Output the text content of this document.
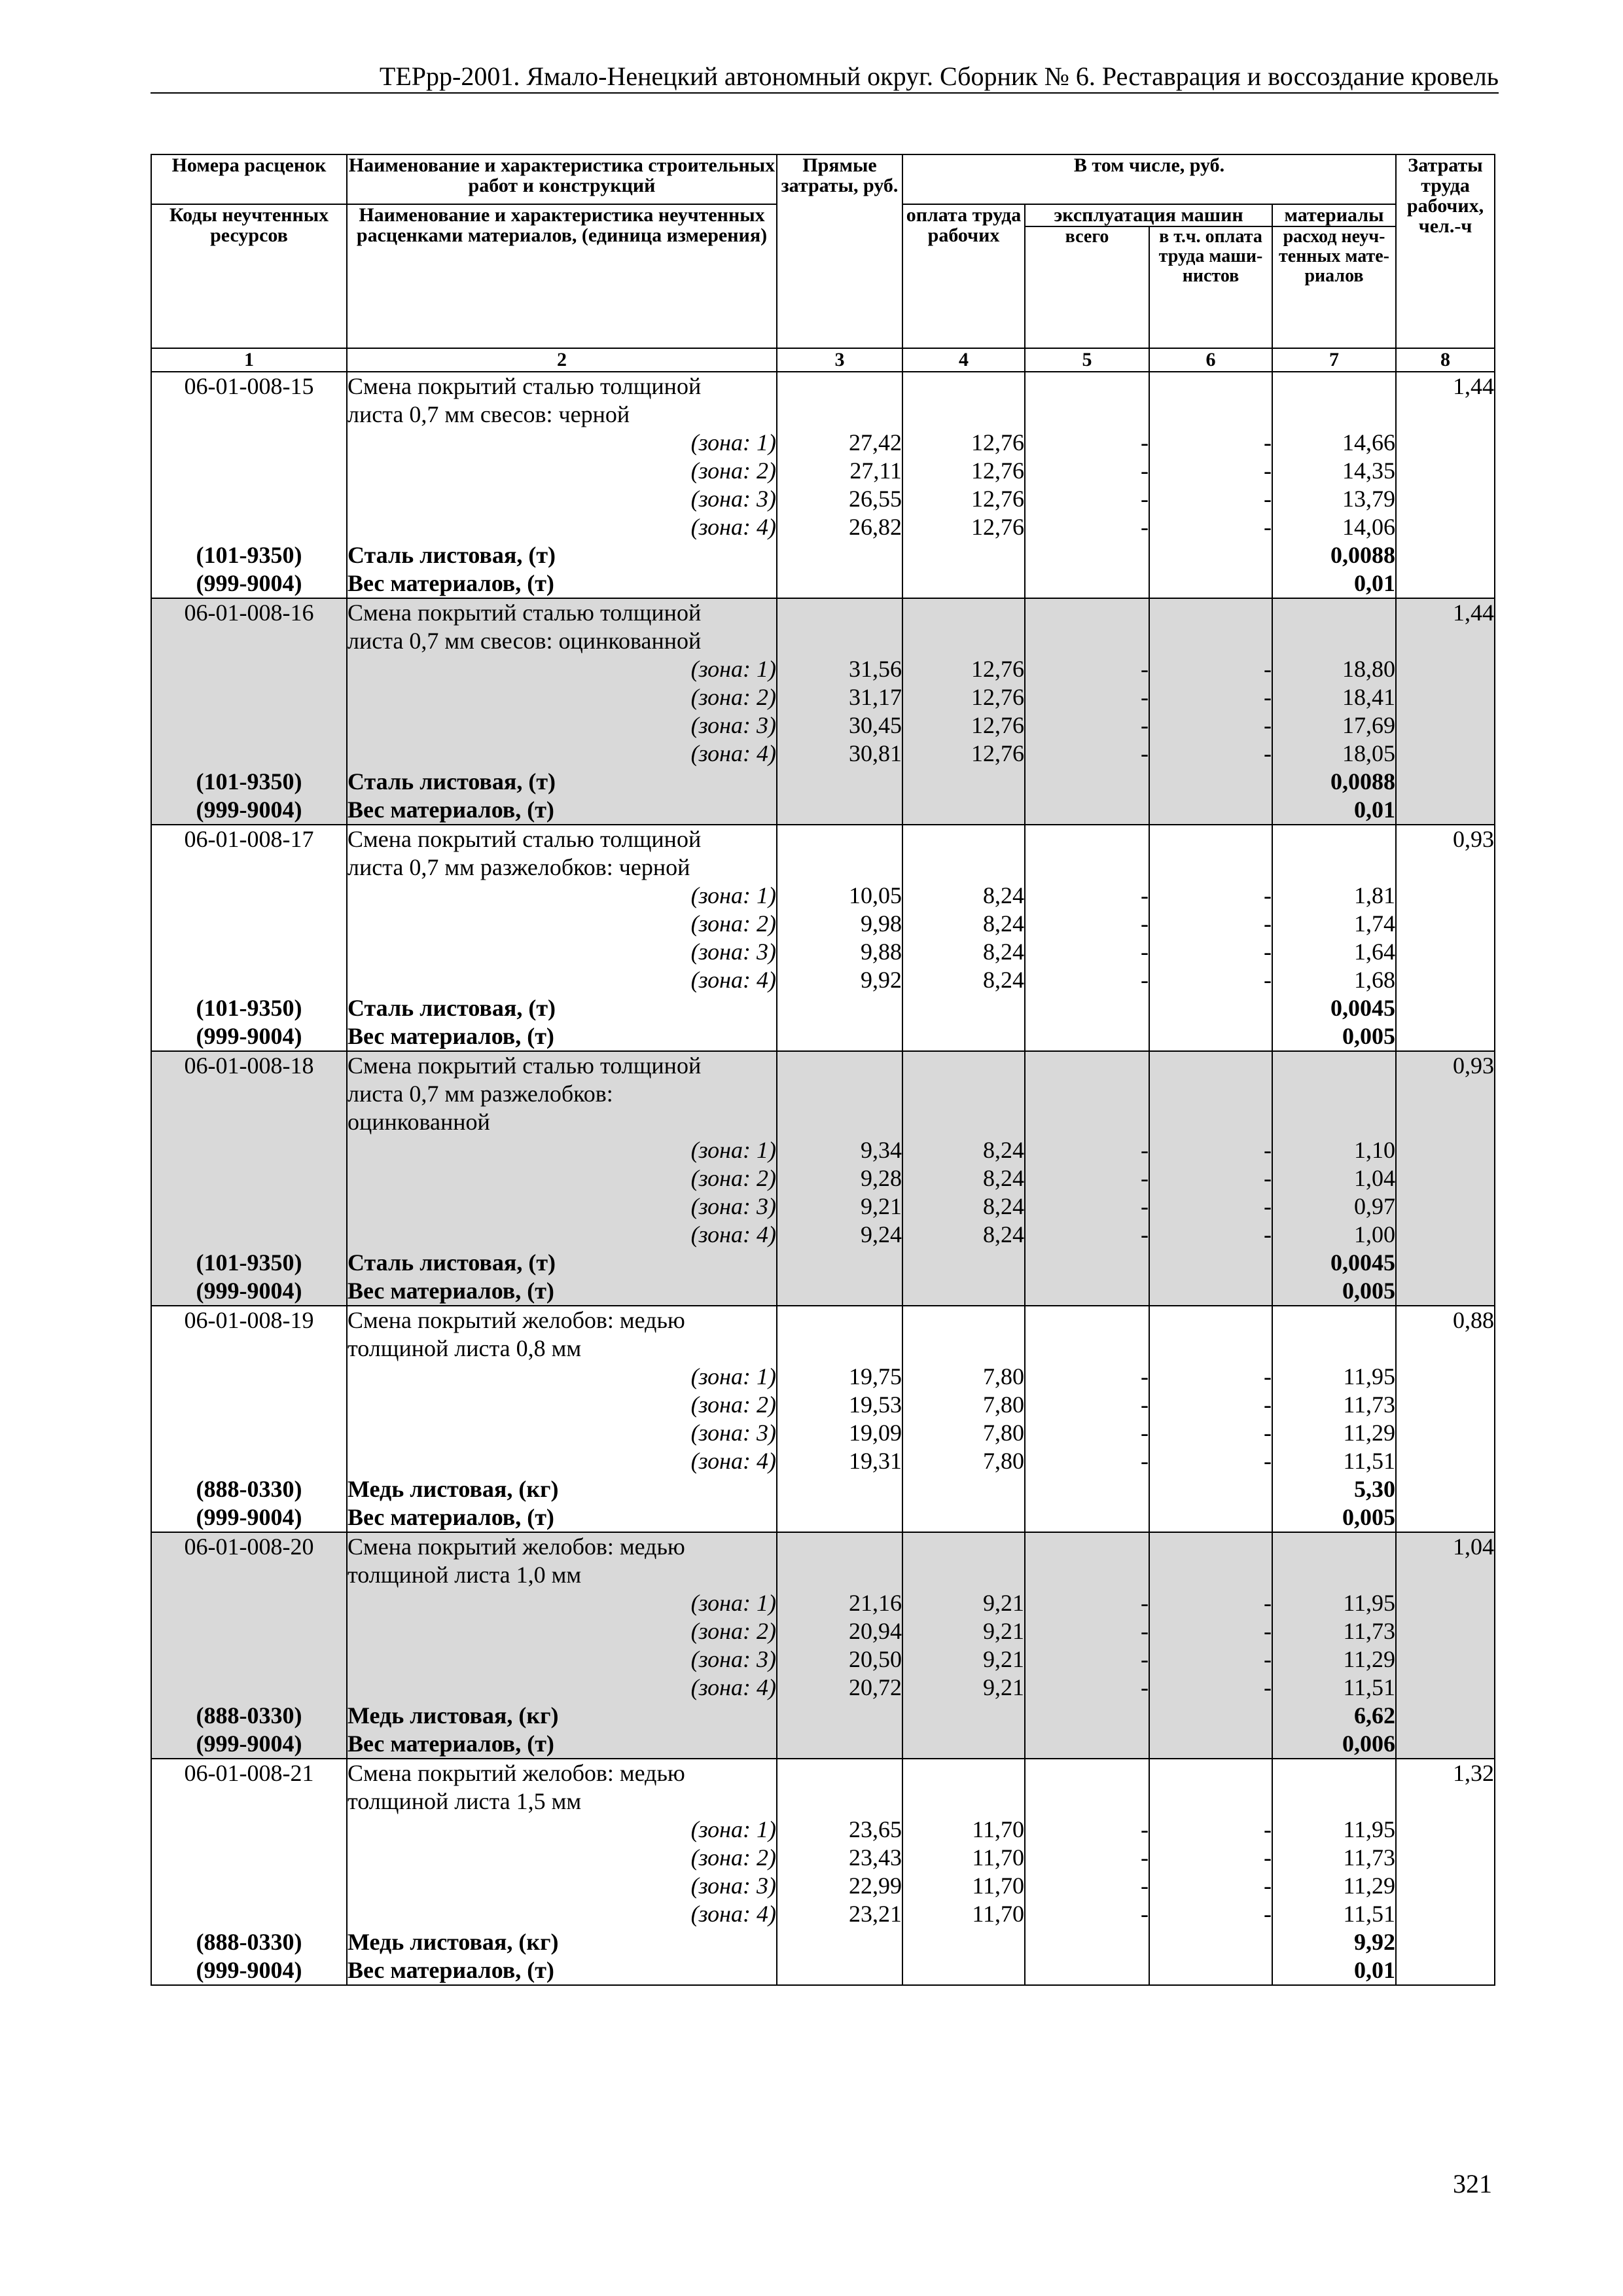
ТЕРрр-2001. Ямало-Ненецкий автономный округ. Сборник № 6. Реставрация и воссоздание кровель
Номера расценок	Наименование и характеристика строительных работ и конструкций	Прямые затраты, руб.	В том числе, руб.				Затраты труда рабочих, чел.-ч
Коды неучтенных ресурсов	Наименование и характеристика неучтенных расценками материалов, (единица измерения)		оплата труда рабочих	эксплуатация машин		материалы	
				всего	в т.ч. оплата труда маши-нистов	расход неуч-тенных мате-риалов	
1	2	3	4	5	6	7	8
06-01-008-15	Смена покрытий сталью толщиной						1,44
	листа 0,7 мм свесов: черной						
	(зона: 1)	27,42	12,76	-	-	14,66	
	(зона: 2)	27,11	12,76	-	-	14,35	
	(зона: 3)	26,55	12,76	-	-	13,79	
	(зона: 4)	26,82	12,76	-	-	14,06	
(101-9350)	Сталь листовая, (т)					0,0088	
(999-9004)	Вес материалов, (т)					0,01	
06-01-008-16	Смена покрытий сталью толщиной						1,44
	листа 0,7 мм свесов: оцинкованной						
	(зона: 1)	31,56	12,76	-	-	18,80	
	(зона: 2)	31,17	12,76	-	-	18,41	
	(зона: 3)	30,45	12,76	-	-	17,69	
	(зона: 4)	30,81	12,76	-	-	18,05	
(101-9350)	Сталь листовая, (т)					0,0088	
(999-9004)	Вес материалов, (т)					0,01	
06-01-008-17	Смена покрытий сталью толщиной						0,93
	листа 0,7 мм разжелобков: черной						
	(зона: 1)	10,05	8,24	-	-	1,81	
	(зона: 2)	9,98	8,24	-	-	1,74	
	(зона: 3)	9,88	8,24	-	-	1,64	
	(зона: 4)	9,92	8,24	-	-	1,68	
(101-9350)	Сталь листовая, (т)					0,0045	
(999-9004)	Вес материалов, (т)					0,005	
06-01-008-18	Смена покрытий сталью толщиной						0,93
	листа 0,7 мм разжелобков:						
	оцинкованной						
	(зона: 1)	9,34	8,24	-	-	1,10	
	(зона: 2)	9,28	8,24	-	-	1,04	
	(зона: 3)	9,21	8,24	-	-	0,97	
	(зона: 4)	9,24	8,24	-	-	1,00	
(101-9350)	Сталь листовая, (т)					0,0045	
(999-9004)	Вес материалов, (т)					0,005	
06-01-008-19	Смена покрытий желобов: медью						0,88
	толщиной листа 0,8 мм						
	(зона: 1)	19,75	7,80	-	-	11,95	
	(зона: 2)	19,53	7,80	-	-	11,73	
	(зона: 3)	19,09	7,80	-	-	11,29	
	(зона: 4)	19,31	7,80	-	-	11,51	
(888-0330)	Медь листовая, (кг)					5,30	
(999-9004)	Вес материалов, (т)					0,005	
06-01-008-20	Смена покрытий желобов: медью						1,04
	толщиной листа 1,0 мм						
	(зона: 1)	21,16	9,21	-	-	11,95	
	(зона: 2)	20,94	9,21	-	-	11,73	
	(зона: 3)	20,50	9,21	-	-	11,29	
	(зона: 4)	20,72	9,21	-	-	11,51	
(888-0330)	Медь листовая, (кг)					6,62	
(999-9004)	Вес материалов, (т)					0,006	
06-01-008-21	Смена покрытий желобов: медью						1,32
	толщиной листа 1,5 мм						
	(зона: 1)	23,65	11,70	-	-	11,95	
	(зона: 2)	23,43	11,70	-	-	11,73	
	(зона: 3)	22,99	11,70	-	-	11,29	
	(зона: 4)	23,21	11,70	-	-	11,51	
(888-0330)	Медь листовая, (кг)					9,92	
(999-9004)	Вес материалов, (т)					0,01	
321
